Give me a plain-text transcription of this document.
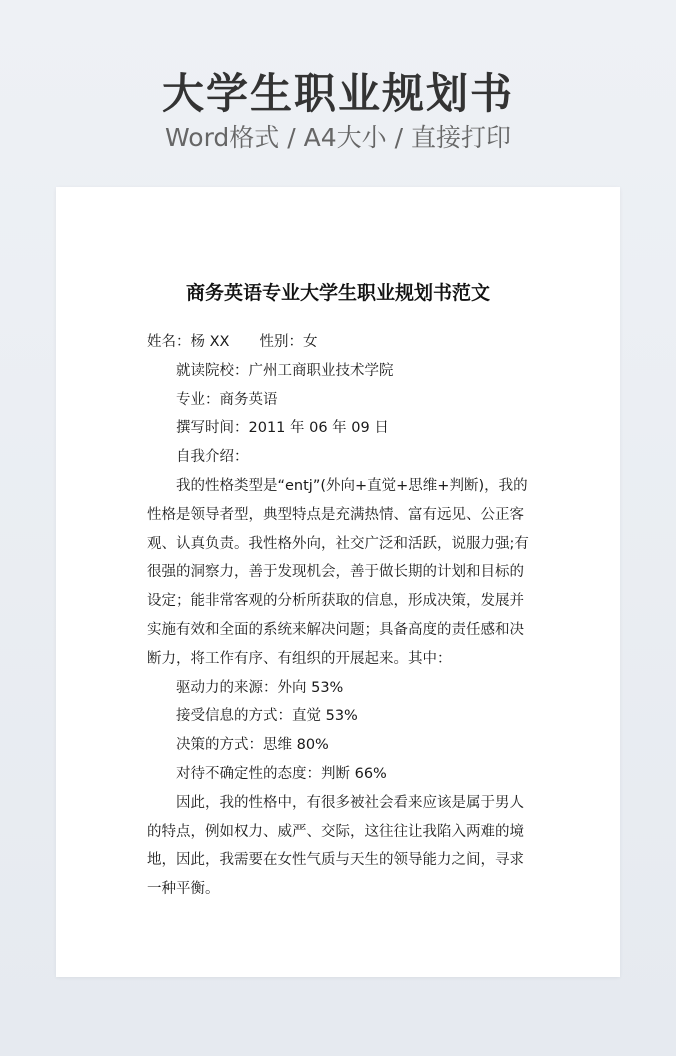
大学生职业规划书
Word格式 / A4大小 / 直接打印
商务英语专业大学生职业规划书范文

姓名：杨 XX 性别：女

就读院校：广州工商职业技术学院

专业：商务英语

撰写时间：2011 年 06 年 09 日

自我介绍：

我的性格类型是“entj”(外向+直觉+思维+判断)，我的性格是领导者型，典型特点是充满热情、富有远见、公正客观、认真负责。我性格外向，社交广泛和活跃，说服力强;有很强的洞察力，善于发现机会，善于做长期的计划和目标的设定；能非常客观的分析所获取的信息，形成决策，发展并实施有效和全面的系统来解决问题；具备高度的责任感和决断力，将工作有序、有组织的开展起来。其中：

驱动力的来源：外向 53%

接受信息的方式：直觉 53%

决策的方式：思维 80%

对待不确定性的态度：判断 66%

因此，我的性格中，有很多被社会看来应该是属于男人的特点，例如权力、威严、交际，这往往让我陷入两难的境地，因此，我需要在女性气质与天生的领导能力之间，寻求一种平衡。
